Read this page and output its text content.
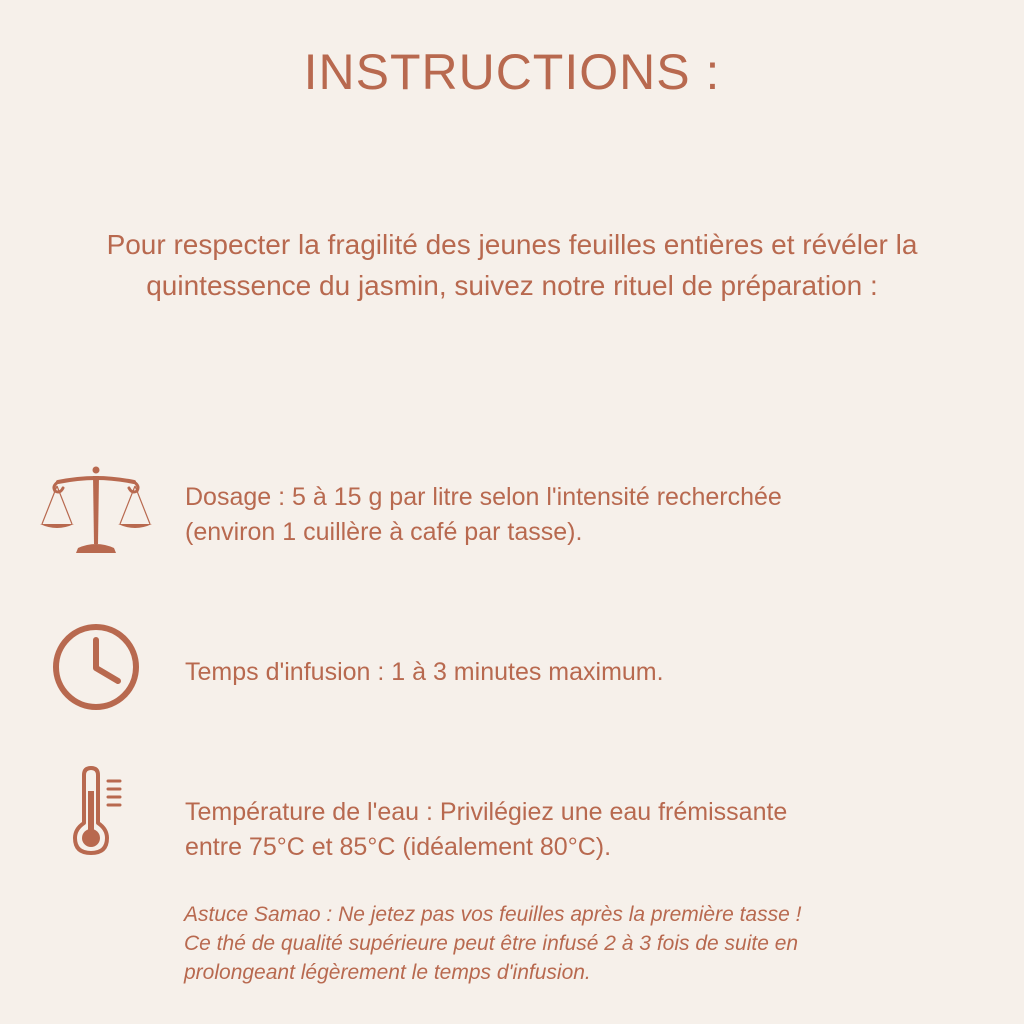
INSTRUCTIONS :
Pour respecter la fragilité des jeunes feuilles entières et révéler la quintessence du jasmin, suivez notre rituel de préparation :
Dosage : 5 à 15 g par litre selon l'intensité recherchée
(environ 1 cuillère à café par tasse).
Temps d'infusion : 1 à 3 minutes maximum.
Température de l'eau : Privilégiez une eau frémissante
entre 75°C et 85°C (idéalement 80°C).
Astuce Samao : Ne jetez pas vos feuilles après la première tasse !
Ce thé de qualité supérieure peut être infusé 2 à 3 fois de suite en
prolongeant légèrement le temps d'infusion.
